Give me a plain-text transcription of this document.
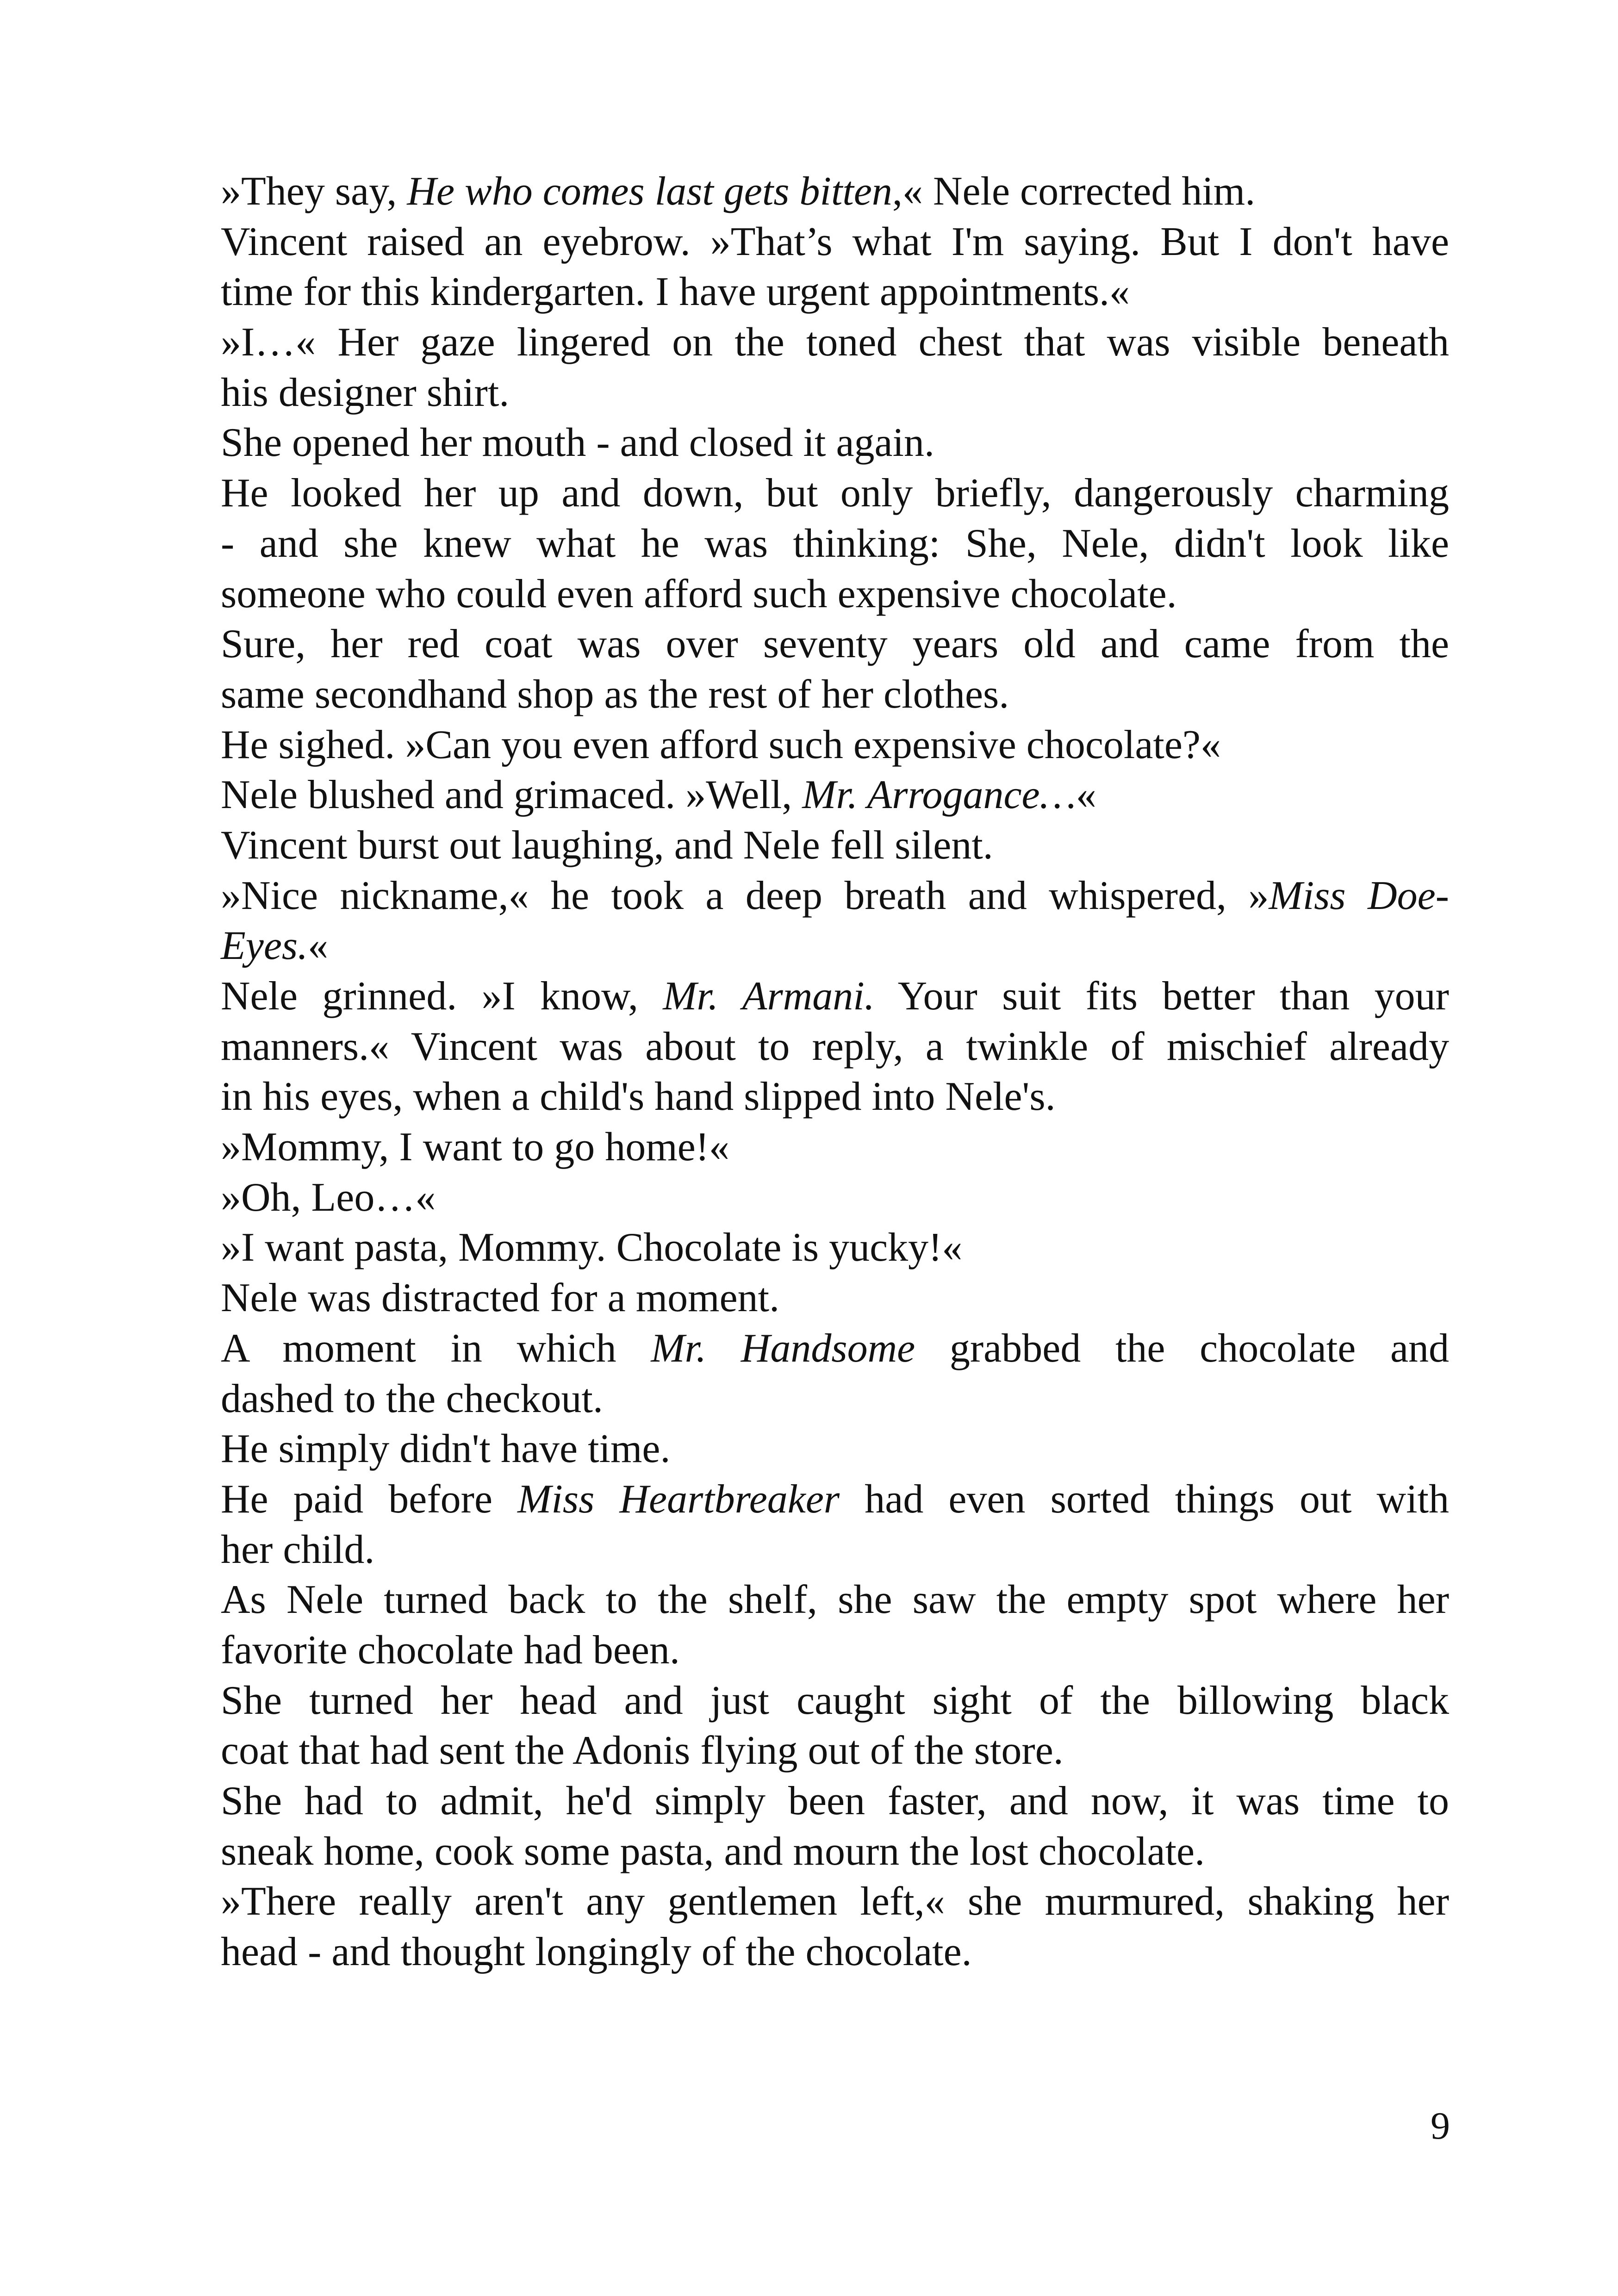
»They say, He who comes last gets bitten,« Nele corrected him.
Vincent raised an eyebrow. »That’s what I'm saying. But I don't have
time for this kindergarten. I have urgent appointments.«
»I…« Her gaze lingered on the toned chest that was visible beneath
his designer shirt.
She opened her mouth - and closed it again.
He looked her up and down, but only briefly, dangerously charming
- and she knew what he was thinking: She, Nele, didn't look like
someone who could even afford such expensive chocolate.
Sure, her red coat was over seventy years old and came from the
same secondhand shop as the rest of her clothes.
He sighed. »Can you even afford such expensive chocolate?«
Nele blushed and grimaced. »Well, Mr. Arrogance…«
Vincent burst out laughing, and Nele fell silent.
»Nice nickname,« he took a deep breath and whispered, »Miss Doe-
Eyes.«
Nele grinned. »I know, Mr. Armani. Your suit fits better than your
manners.« Vincent was about to reply, a twinkle of mischief already
in his eyes, when a child's hand slipped into Nele's.
»Mommy, I want to go home!«
»Oh, Leo…«
»I want pasta, Mommy. Chocolate is yucky!«
Nele was distracted for a moment.
A moment in which Mr. Handsome grabbed the chocolate and
dashed to the checkout.
He simply didn't have time.
He paid before Miss Heartbreaker had even sorted things out with
her child.
As Nele turned back to the shelf, she saw the empty spot where her
favorite chocolate had been.
She turned her head and just caught sight of the billowing black
coat that had sent the Adonis flying out of the store.
She had to admit, he'd simply been faster, and now, it was time to
sneak home, cook some pasta, and mourn the lost chocolate.
»There really aren't any gentlemen left,« she murmured, shaking her
head - and thought longingly of the chocolate.
9
